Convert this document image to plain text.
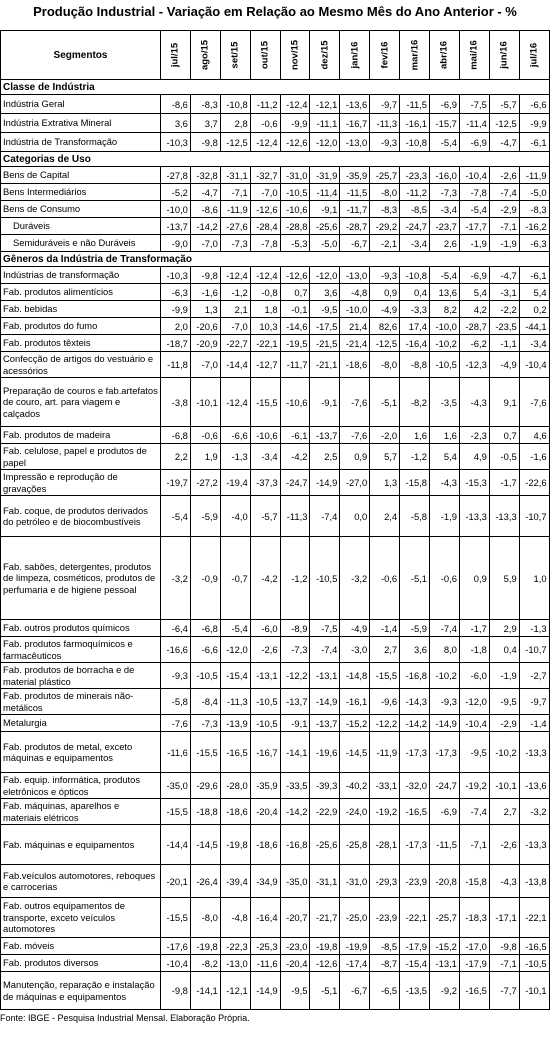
Produção Industrial - Variação em Relação ao Mesmo Mês do Ano Anterior - %
Segmentos	jul/15	ago/15	set/15	out/15	nov/15	dez/15	jan/16	fev/16	mar/16	abr/16	mai/16	jun/16	jul/16

Classe de Indústria													
Indústria Geral	-8,6	-8,3	-10,8	-11,2	-12,4	-12,1	-13,6	-9,7	-11,5	-6,9	-7,5	-5,7	-6,6
Indústria Extrativa Mineral	3,6	3,7	2,8	-0,6	-9,9	-11,1	-16,7	-11,3	-16,1	-15,7	-11,4	-12,5	-9,9
Indústria de Transformação	-10,3	-9,8	-12,5	-12,4	-12,6	-12,0	-13,0	-9,3	-10,8	-5,4	-6,9	-4,7	-6,1
Categorias de Uso													
Bens de Capital	-27,8	-32,8	-31,1	-32,7	-31,0	-31,9	-35,9	-25,7	-23,3	-16,0	-10,4	-2,6	-11,9
Bens Intermediários	-5,2	-4,7	-7,1	-7,0	-10,5	-11,4	-11,5	-8,0	-11,2	-7,3	-7,8	-7,4	-5,0
Bens de Consumo	-10,0	-8,6	-11,9	-12,6	-10,6	-9,1	-11,7	-8,3	-8,5	-3,4	-5,4	-2,9	-8,3
Duráveis	-13,7	-14,2	-27,6	-28,4	-28,8	-25,6	-28,7	-29,2	-24,7	-23,7	-17,7	-7,1	-16,2
Semiduráveis e não Duráveis	-9,0	-7,0	-7,3	-7,8	-5,3	-5,0	-6,7	-2,1	-3,4	2,6	-1,9	-1,9	-6,3
Gêneros da Indústria de Transformação													
Indústrias de transformação	-10,3	-9,8	-12,4	-12,4	-12,6	-12,0	-13,0	-9,3	-10,8	-5,4	-6,9	-4,7	-6,1
Fab. produtos alimentícios	-6,3	-1,6	-1,2	-0,8	0,7	3,6	-4,8	0,9	0,4	13,6	5,4	-3,1	5,4
Fab. bebidas	-9,9	1,3	2,1	1,8	-0,1	-9,5	-10,0	-4,9	-3,3	8,2	4,2	-2,2	0,2
Fab. produtos do fumo	2,0	-20,6	-7,0	10,3	-14,6	-17,5	21,4	82,6	17,4	-10,0	-28,7	-23,5	-44,1
Fab. produtos têxteis	-18,7	-20,9	-22,7	-22,1	-19,5	-21,5	-21,4	-12,5	-16,4	-10,2	-6,2	-1,1	-3,4
Confecção de artigos do vestuário e acessórios	-11,8	-7,0	-14,4	-12,7	-11,7	-21,1	-18,6	-8,0	-8,8	-10,5	-12,3	-4,9	-10,4
Preparação de couros e fab.artefatos de couro, art. para viagem e calçados	-3,8	-10,1	-12,4	-15,5	-10,6	-9,1	-7,6	-5,1	-8,2	-3,5	-4,3	9,1	-7,6
Fab. produtos de madeira	-6,8	-0,6	-6,6	-10,6	-6,1	-13,7	-7,6	-2,0	1,6	1,6	-2,3	0,7	4,6
Fab. celulose, papel e produtos de papel	2,2	1,9	-1,3	-3,4	-4,2	2,5	0,9	5,7	-1,2	5,4	4,9	-0,5	-1,6
Impressão e reprodução de gravações	-19,7	-27,2	-19,4	-37,3	-24,7	-14,9	-27,0	1,3	-15,8	-4,3	-15,3	-1,7	-22,6
Fab. coque, de produtos derivados do petróleo e de biocombustíveis	-5,4	-5,9	-4,0	-5,7	-11,3	-7,4	0,0	2,4	-5,8	-1,9	-13,3	-13,3	-10,7
Fab. sabões, detergentes, produtos de limpeza, cosméticos, produtos de perfumaria e de higiene pessoal	-3,2	-0,9	-0,7	-4,2	-1,2	-10,5	-3,2	-0,6	-5,1	-0,6	0,9	5,9	1,0
Fab. outros produtos químicos	-6,4	-6,8	-5,4	-6,0	-8,9	-7,5	-4,9	-1,4	-5,9	-7,4	-1,7	2,9	-1,3
Fab. produtos farmoquímicos e farmacêuticos	-16,6	-6,6	-12,0	-2,6	-7,3	-7,4	-3,0	2,7	3,6	8,0	-1,8	0,4	-10,7
Fab. produtos de borracha e de material plástico	-9,3	-10,5	-15,4	-13,1	-12,2	-13,1	-14,8	-15,5	-16,8	-10,2	-6,0	-1,9	-2,7
Fab. produtos de minerais não-metálicos	-5,8	-8,4	-11,3	-10,5	-13,7	-14,9	-16,1	-9,6	-14,3	-9,3	-12,0	-9,5	-9,7
Metalurgia	-7,6	-7,3	-13,9	-10,5	-9,1	-13,7	-15,2	-12,2	-14,2	-14,9	-10,4	-2,9	-1,4
Fab. produtos de metal, exceto máquinas e equipamentos	-11,6	-15,5	-16,5	-16,7	-14,1	-19,6	-14,5	-11,9	-17,3	-17,3	-9,5	-10,2	-13,3
Fab. equip. informática, produtos eletrônicos e ópticos	-35,0	-29,6	-28,0	-35,9	-33,5	-39,3	-40,2	-33,1	-32,0	-24,7	-19,2	-10,1	-13,6
Fab. máquinas, aparelhos e materiais elétricos	-15,5	-18,8	-18,6	-20,4	-14,2	-22,9	-24,0	-19,2	-16,5	-6,9	-7,4	2,7	-3,2
Fab. máquinas e equipamentos	-14,4	-14,5	-19,8	-18,6	-16,8	-25,6	-25,8	-28,1	-17,3	-11,5	-7,1	-2,6	-13,3
Fab.veículos automotores, reboques e carrocerias	-20,1	-26,4	-39,4	-34,9	-35,0	-31,1	-31,0	-29,3	-23,9	-20,8	-15,8	-4,3	-13,8
Fab. outros equipamentos de transporte, exceto veículos automotores	-15,5	-8,0	-4,8	-16,4	-20,7	-21,7	-25,0	-23,9	-22,1	-25,7	-18,3	-17,1	-22,1
Fab. móveis	-17,6	-19,8	-22,3	-25,3	-23,0	-19,8	-19,9	-8,5	-17,9	-15,2	-17,0	-9,8	-16,5
Fab. produtos diversos	-10,4	-8,2	-13,0	-11,6	-20,4	-12,6	-17,4	-8,7	-15,4	-13,1	-17,9	-7,1	-10,5
Manutenção, reparação e instalação de máquinas e equipamentos	-9,8	-14,1	-12,1	-14,9	-9,5	-5,1	-6,7	-6,5	-13,5	-9,2	-16,5	-7,7	-10,1
Fonte: IBGE - Pesquisa Industrial Mensal. Elaboração Própria.
